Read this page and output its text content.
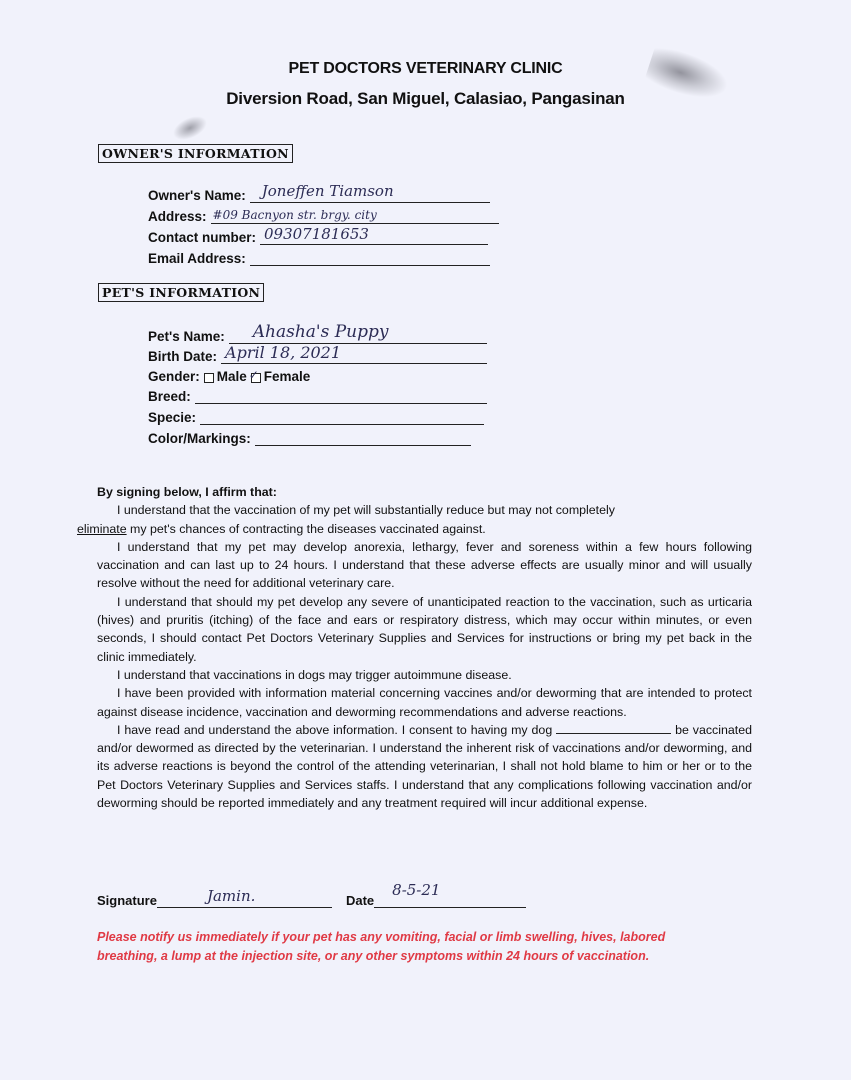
PET DOCTORS VETERINARY CLINIC
Diversion Road, San Miguel, Calasiao, Pangasinan
OWNER'S INFORMATION
Owner's Name: Joneffen Tiamson
Address: #09 Bacnyon str. brgy. city
Contact number: 09307181653
Email Address:
PET'S INFORMATION
Pet's Name: Ahasha's Puppy
Birth Date: April 18, 2021
Gender: Male ✓ Female
Breed:
Specie:
Color/Markings:
By signing below, I affirm that:

I understand that the vaccination of my pet will substantially reduce but may not completely
eliminate my pet's chances of contracting the diseases vaccinated against.

I understand that my pet may develop anorexia, lethargy, fever and soreness within a few hours following vaccination and can last up to 24 hours. I understand that these adverse effects are usually minor and will usually resolve without the need for additional veterinary care.

I understand that should my pet develop any severe of unanticipated reaction to the vaccination, such as urticaria (hives) and pruritis (itching) of the face and ears or respiratory distress, which may occur within minutes, or even seconds, I should contact Pet Doctors Veterinary Supplies and Services for instructions or bring my pet back in the clinic immediately.

I understand that vaccinations in dogs may trigger autoimmune disease.

I have been provided with information material concerning vaccines and/or deworming that are intended to protect against disease incidence, vaccination and deworming recommendations and adverse reactions.

I have read and understand the above information. I consent to having my dog	be vaccinated and/or dewormed as directed by the veterinarian. I understand the inherent risk of vaccinations and/or deworming, and its adverse reactions is beyond the control of the attending veterinarian, I shall not hold blame to him or her or to the Pet Doctors Veterinary Supplies and Services staffs. I understand that any complications following vaccination and/or deworming should be reported immediately and any treatment required will incur additional expense.

Signature	Jamin.	Date
8-5-21
Please notify us immediately if your pet has any vomiting, facial or limb swelling, hives, labored breathing, a lump at the injection site, or any other symptoms within 24 hours of vaccination.
